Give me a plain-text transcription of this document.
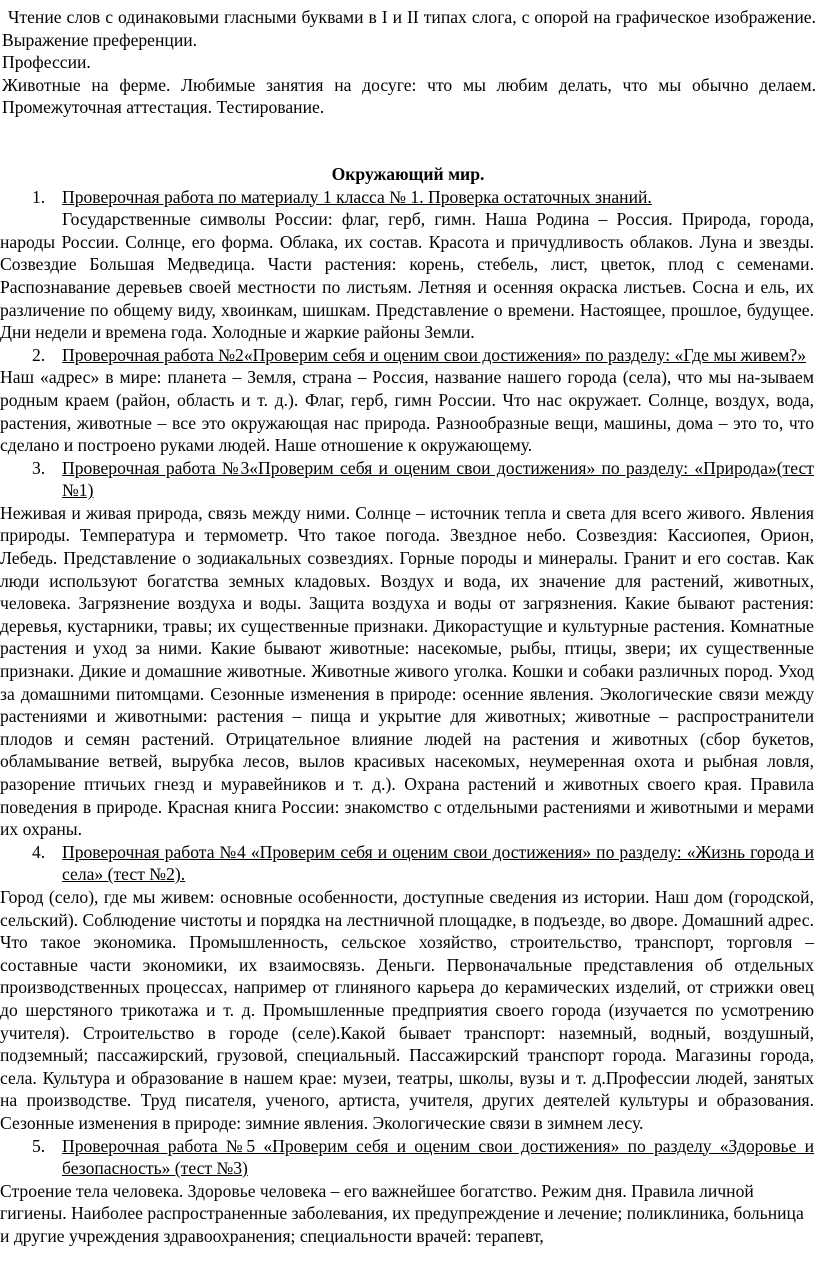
Чтение слов с одинаковыми гласными буквами в I и II типах слога, с опорой на графическое изображение. Выражение преференции.

Профессии.

Животные на ферме. Любимые занятия на досуге: что мы любим делать, что мы обычно делаем. Промежуточная аттестация. Тестирование.

Окружающий мир.

1. Проверочная работа по материалу 1 класса № 1. Проверка остаточных знаний.

Государственные символы России: флаг, герб, гимн. Наша Родина – Россия. Природа, города, народы России. Солнце, его форма. Облака, их состав. Красота и причудливость облаков. Луна и звезды. Созвездие Большая Медведица. Части растения: корень, стебель, лист, цветок, плод с семенами. Распознавание деревьев своей местности по листьям. Летняя и осенняя окраска листьев. Сосна и ель, их различение по общему виду, хвоинкам, шишкам. Представление о времени. Настоящее, прошлое, будущее. Дни недели и времена года. Холодные и жаркие районы Земли.

2. Проверочная работа №2«Проверим себя и оценим свои достижения» по разделу: «Где мы живем?»

Наш «адрес» в мире: планета – Земля, страна – Россия, название нашего города (села), что мы на-зываем родным краем (район, область и т. д.). Флаг, герб, гимн России. Что нас окружает. Солнце, воздух, вода, растения, животные – все это окружающая нас природа. Разнообразные вещи, машины, дома – это то, что сделано и построено руками людей. Наше отношение к окружающему.

3. Проверочная работа №3«Проверим себя и оценим свои достижения» по разделу: «Природа»(тест №1)

Неживая и живая природа, связь между ними. Солнце – источник тепла и света для всего живого. Явления природы. Температура и термометр. Что такое погода. Звездное небо. Созвездия: Кассиопея, Орион, Лебедь. Представление о зодиакальных созвездиях. Горные породы и минералы. Гранит и его состав. Как люди используют богатства земных кладовых. Воздух и вода, их значение для растений, животных, человека. Загрязнение воздуха и воды. Защита воздуха и воды от загрязнения. Какие бывают растения: деревья, кустарники, травы; их существенные признаки. Дикорастущие и культурные растения. Комнатные растения и уход за ними. Какие бывают животные: насекомые, рыбы, птицы, звери; их существенные признаки. Дикие и домашние животные. Животные живого уголка. Кошки и собаки различных пород. Уход за домашними питомцами. Сезонные изменения в природе: осенние явления. Экологические связи между растениями и животными: растения – пища и укрытие для животных; животные – распространители плодов и семян растений. Отрицательное влияние людей на растения и животных (сбор букетов, обламывание ветвей, вырубка лесов, вылов красивых насекомых, неумеренная охота и рыбная ловля, разорение птичьих гнезд и муравейников и т. д.). Охрана растений и животных своего края. Правила поведения в природе. Красная книга России: знакомство с отдельными растениями и животными и мерами их охраны.

4. Проверочная работа №4 «Проверим себя и оценим свои достижения» по разделу: «Жизнь города и села» (тест №2).

Город (село), где мы живем: основные особенности, доступные сведения из истории. Наш дом (городской, сельский). Соблюдение чистоты и порядка на лестничной площадке, в подъезде, во дворе. Домашний адрес. Что такое экономика. Промышленность, сельское хозяйство, строительство, транспорт, торговля – составные части экономики, их взаимосвязь. Деньги. Первоначальные представления об отдельных производственных процессах, например от глиняного карьера до керамических изделий, от стрижки овец до шерстяного трикотажа и т. д. Промышленные предприятия своего города (изучается по усмотрению учителя). Строительство в городе (селе).Какой бывает транспорт: наземный, водный, воздушный, подземный; пассажирский, грузовой, специальный. Пассажирский транспорт города. Магазины города, села. Культура и образование в нашем крае: музеи, театры, школы, вузы и т. д.Профессии людей, занятых на производстве. Труд писателя, ученого, артиста, учителя, других деятелей культуры и образования. Сезонные изменения в природе: зимние явления. Экологические связи в зимнем лесу.

5. Проверочная работа №5 «Проверим себя и оценим свои достижения» по разделу «Здоровье и безопасность» (тест №3)

Строение тела человека. Здоровье человека – его важнейшее богатство. Режим дня. Правила личной гигиены. Наиболее распространенные заболевания, их предупреждение и лечение; поликлиника, больница и другие учреждения здравоохранения; специальности врачей: терапевт,
